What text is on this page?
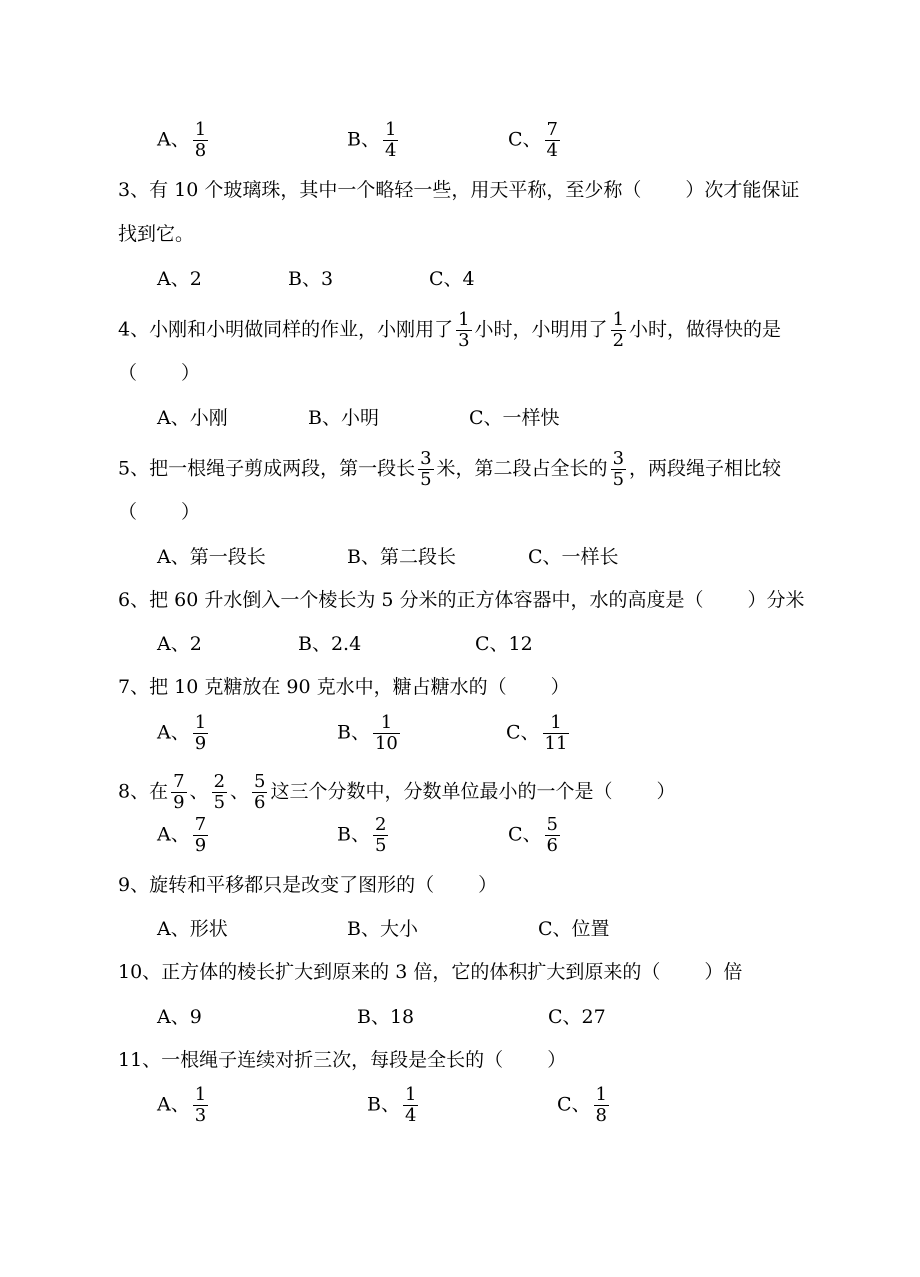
A、 $\frac{1}{8}$	B、 $\frac{1}{4}$	C、 $\frac{7}{4}$
3、有 10 个玻璃珠，其中一个略轻一些，用天平称，至少称（ ）次才能保证
找到它。
A、2	B、3	C、4
4、小刚和小明做同样的作业，小刚用了 $\frac{1}{3}$ 小时，小明用了 $\frac{1}{2}$ 小时，做得快的是
（ ）
A、小刚	B、小明	C、一样快
5、把一根绳子剪成两段，第一段长 $\frac{3}{5}$ 米，第二段占全长的 $\frac{3}{5}$ ，两段绳子相比较
（ ）
A、第一段长	B、第二段长	C、一样长
6、把 60 升水倒入一个棱长为 5 分米的正方体容器中，水的高度是（ ）分米
A、2	B、2.4	C、12
7、把 10 克糖放在 90 克水中，糖占糖水的（ ）
A、 $\frac{1}{9}$	B、 $\frac{1}{10}$	C、 $\frac{1}{11}$
8、在 $\frac{7}{9}$ 、 $\frac{2}{5}$ 、 $\frac{5}{6}$ 这三个分数中，分数单位最小的一个是（ ）
A、 $\frac{7}{9}$	B、 $\frac{2}{5}$	C、 $\frac{5}{6}$
9、旋转和平移都只是改变了图形的（ ）
A、形状	B、大小	C、位置
10、正方体的棱长扩大到原来的 3 倍，它的体积扩大到原来的（ ）倍
A、9	B、18	C、27
11、一根绳子连续对折三次，每段是全长的（ ）
A、 $\frac{1}{3}$	B、 $\frac{1}{4}$	C、 $\frac{1}{8}$
